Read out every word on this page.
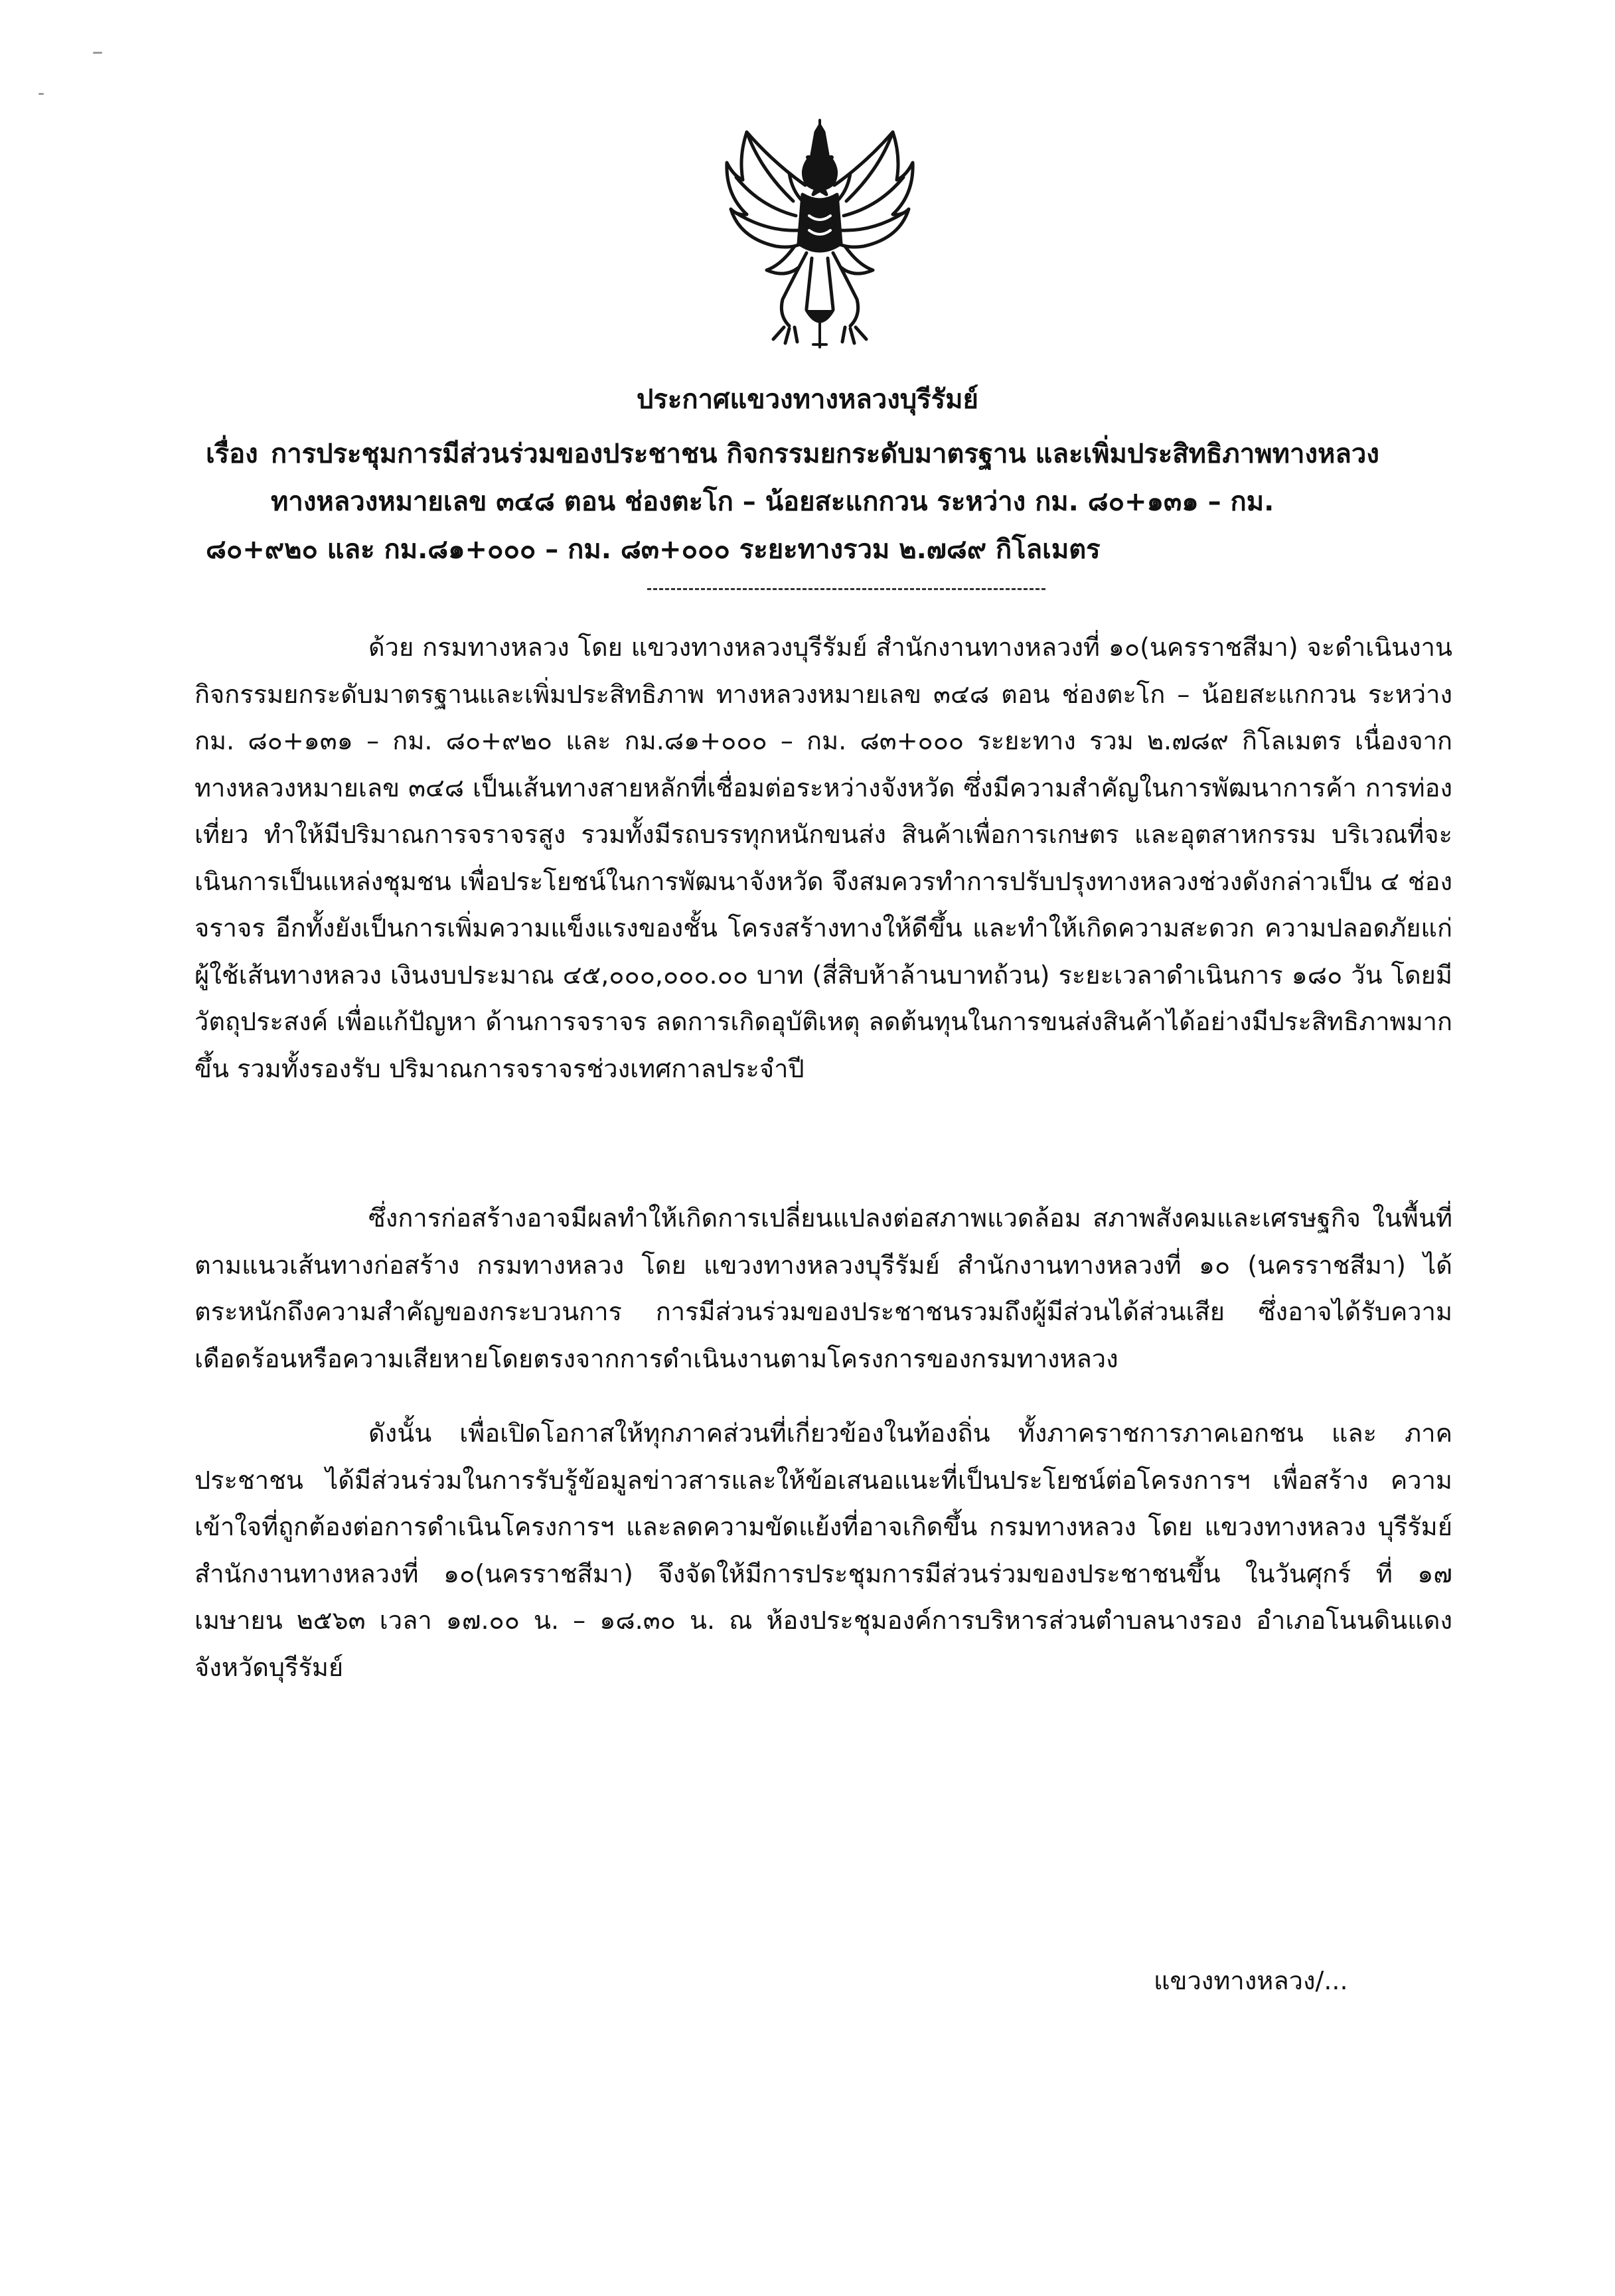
ประกาศแขวงทางหลวงบุรีรัมย์
เรื่อง การประชุมการมีส่วนร่วมของประชาชน กิจกรรมยกระดับมาตรฐาน และเพิ่มประสิทธิภาพทางหลวง
ทางหลวงหมายเลข ๓๔๘ ตอน ช่องตะโก – น้อยสะแกกวน ระหว่าง กม. ๘๐+๑๓๑ – กม.
๘๐+๙๒๐ และ กม.๘๑+๐๐๐ – กม. ๘๓+๐๐๐ ระยะทางรวม ๒.๗๘๙ กิโลเมตร

ด้วย กรมทางหลวง โดย แขวงทางหลวงบุรีรัมย์ สำนักงานทางหลวงที่ ๑๐(นครราชสีมา) จะดำเนินงานกิจกรรมยกระดับมาตรฐานและเพิ่มประสิทธิภาพ ทางหลวงหมายเลข ๓๔๘ ตอน ช่องตะโก – น้อยสะแกกวน ระหว่าง กม. ๘๐+๑๓๑ – กม. ๘๐+๙๒๐ และ กม.๘๑+๐๐๐ – กม. ๘๓+๐๐๐ ระยะทาง รวม ๒.๗๘๙ กิโลเมตร เนื่องจากทางหลวงหมายเลข ๓๔๘ เป็นเส้นทางสายหลักที่เชื่อมต่อระหว่างจังหวัด ซึ่งมีความสำคัญในการพัฒนาการค้า การท่องเที่ยว ทำให้มีปริมาณการจราจรสูง รวมทั้งมีรถบรรทุกหนักขนส่ง สินค้าเพื่อการเกษตร และอุตสาหกรรม บริเวณที่จะเนินการเป็นแหล่งชุมชน เพื่อประโยชน์ในการพัฒนาจังหวัด จึงสมควรทำการปรับปรุงทางหลวงช่วงดังกล่าวเป็น ๔ ช่องจราจร อีกทั้งยังเป็นการเพิ่มความแข็งแรงของชั้น โครงสร้างทางให้ดีขึ้น และทำให้เกิดความสะดวก ความปลอดภัยแก่ผู้ใช้เส้นทางหลวง เงินงบประมาณ ๔๕,๐๐๐,๐๐๐.๐๐ บาท (สี่สิบห้าล้านบาทถ้วน) ระยะเวลาดำเนินการ ๑๘๐ วัน โดยมีวัตถุประสงค์ เพื่อแก้ปัญหา ด้านการจราจร ลดการเกิดอุบัติเหตุ ลดต้นทุนในการขนส่งสินค้าได้อย่างมีประสิทธิภาพมากขึ้น รวมทั้งรองรับ ปริมาณการจราจรช่วงเทศกาลประจำปี

ซึ่งการก่อสร้างอาจมีผลทำให้เกิดการเปลี่ยนแปลงต่อสภาพแวดล้อม สภาพสังคมและเศรษฐกิจ ในพื้นที่ตามแนวเส้นทางก่อสร้าง กรมทางหลวง โดย แขวงทางหลวงบุรีรัมย์ สำนักงานทางหลวงที่ ๑๐ (นครราชสีมา) ได้ตระหนักถึงความสำคัญของกระบวนการ การมีส่วนร่วมของประชาชนรวมถึงผู้มีส่วนได้ส่วนเสีย ซึ่งอาจได้รับความเดือดร้อนหรือความเสียหายโดยตรงจากการดำเนินงานตามโครงการของกรมทางหลวง

ดังนั้น เพื่อเปิดโอกาสให้ทุกภาคส่วนที่เกี่ยวข้องในท้องถิ่น ทั้งภาคราชการภาคเอกชน และ ภาคประชาชน ได้มีส่วนร่วมในการรับรู้ข้อมูลข่าวสารและให้ข้อเสนอแนะที่เป็นประโยชน์ต่อโครงการฯ เพื่อสร้าง ความเข้าใจที่ถูกต้องต่อการดำเนินโครงการฯ และลดความขัดแย้งที่อาจเกิดขึ้น กรมทางหลวง โดย แขวงทางหลวง บุรีรัมย์ สำนักงานทางหลวงที่ ๑๐(นครราชสีมา) จึงจัดให้มีการประชุมการมีส่วนร่วมของประชาชนขึ้น ในวันศุกร์ ที่ ๑๗ เมษายน ๒๕๖๓ เวลา ๑๗.๐๐ น. – ๑๘.๓๐ น. ณ ห้องประชุมองค์การบริหารส่วนตำบลนางรอง อำเภอโนนดินแดง จังหวัดบุรีรัมย์

แขวงทางหลวง/...
